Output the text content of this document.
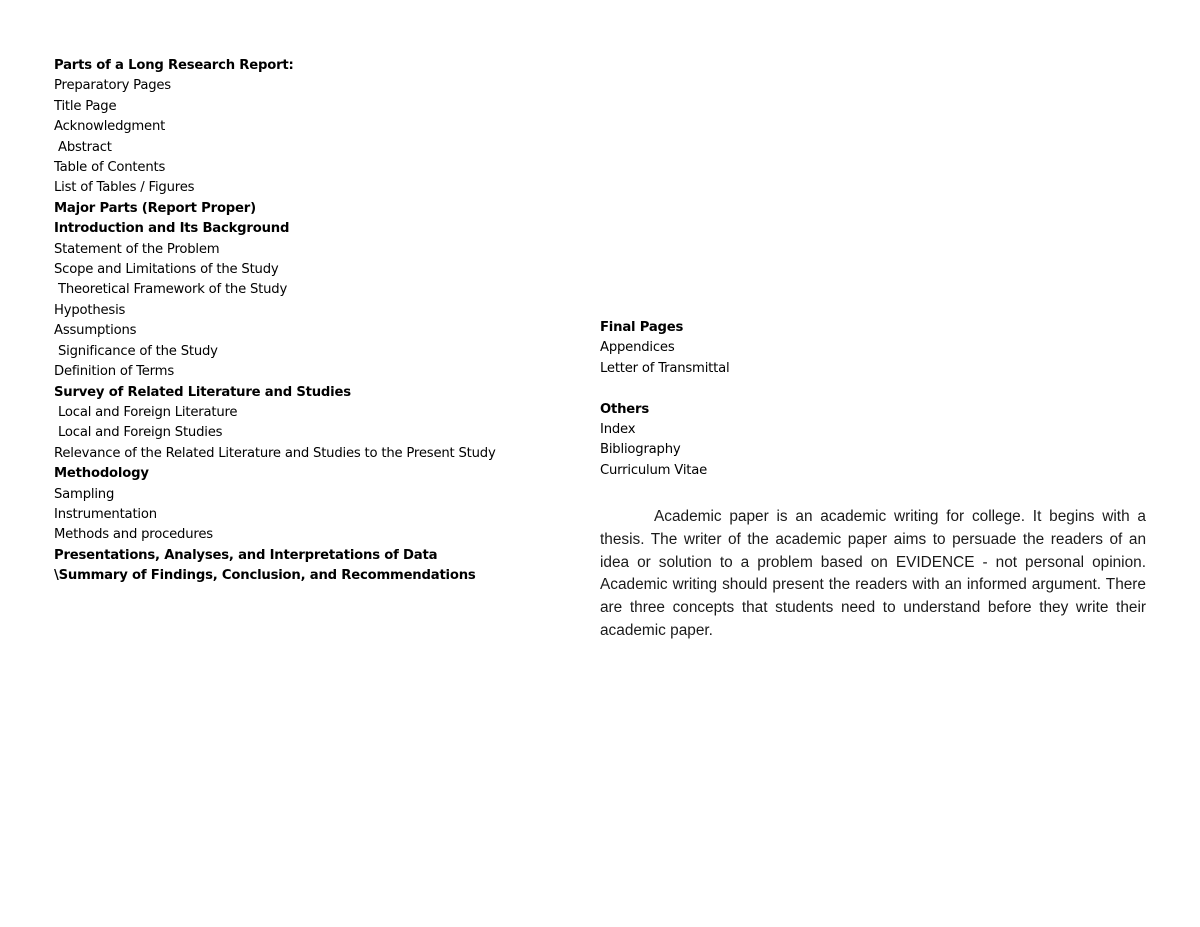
Parts of a Long Research Report:
Preparatory Pages
Title Page
Acknowledgment
Abstract
Table of Contents
List of Tables / Figures
Major Parts (Report Proper)
Introduction and Its Background
Statement of the Problem
Scope and Limitations of the Study
Theoretical Framework of the Study
Hypothesis
Assumptions
Significance of the Study
Definition of Terms
Survey of Related Literature and Studies
Local and Foreign Literature
Local and Foreign Studies
Relevance of the Related Literature and Studies to the Present Study
Methodology
Sampling
Instrumentation
Methods and procedures
Presentations, Analyses, and Interpretations of Data
\Summary of Findings, Conclusion, and Recommendations
Final Pages
Appendices
Letter of Transmittal
Others
Index
Bibliography
Curriculum Vitae

Academic paper is an academic writing for college. It begins with a thesis. The writer of the academic paper aims to persuade the readers of an idea or solution to a problem based on EVIDENCE - not personal opinion. Academic writing should present the readers with an informed argument. There are three concepts that students need to understand before they write their academic paper.
